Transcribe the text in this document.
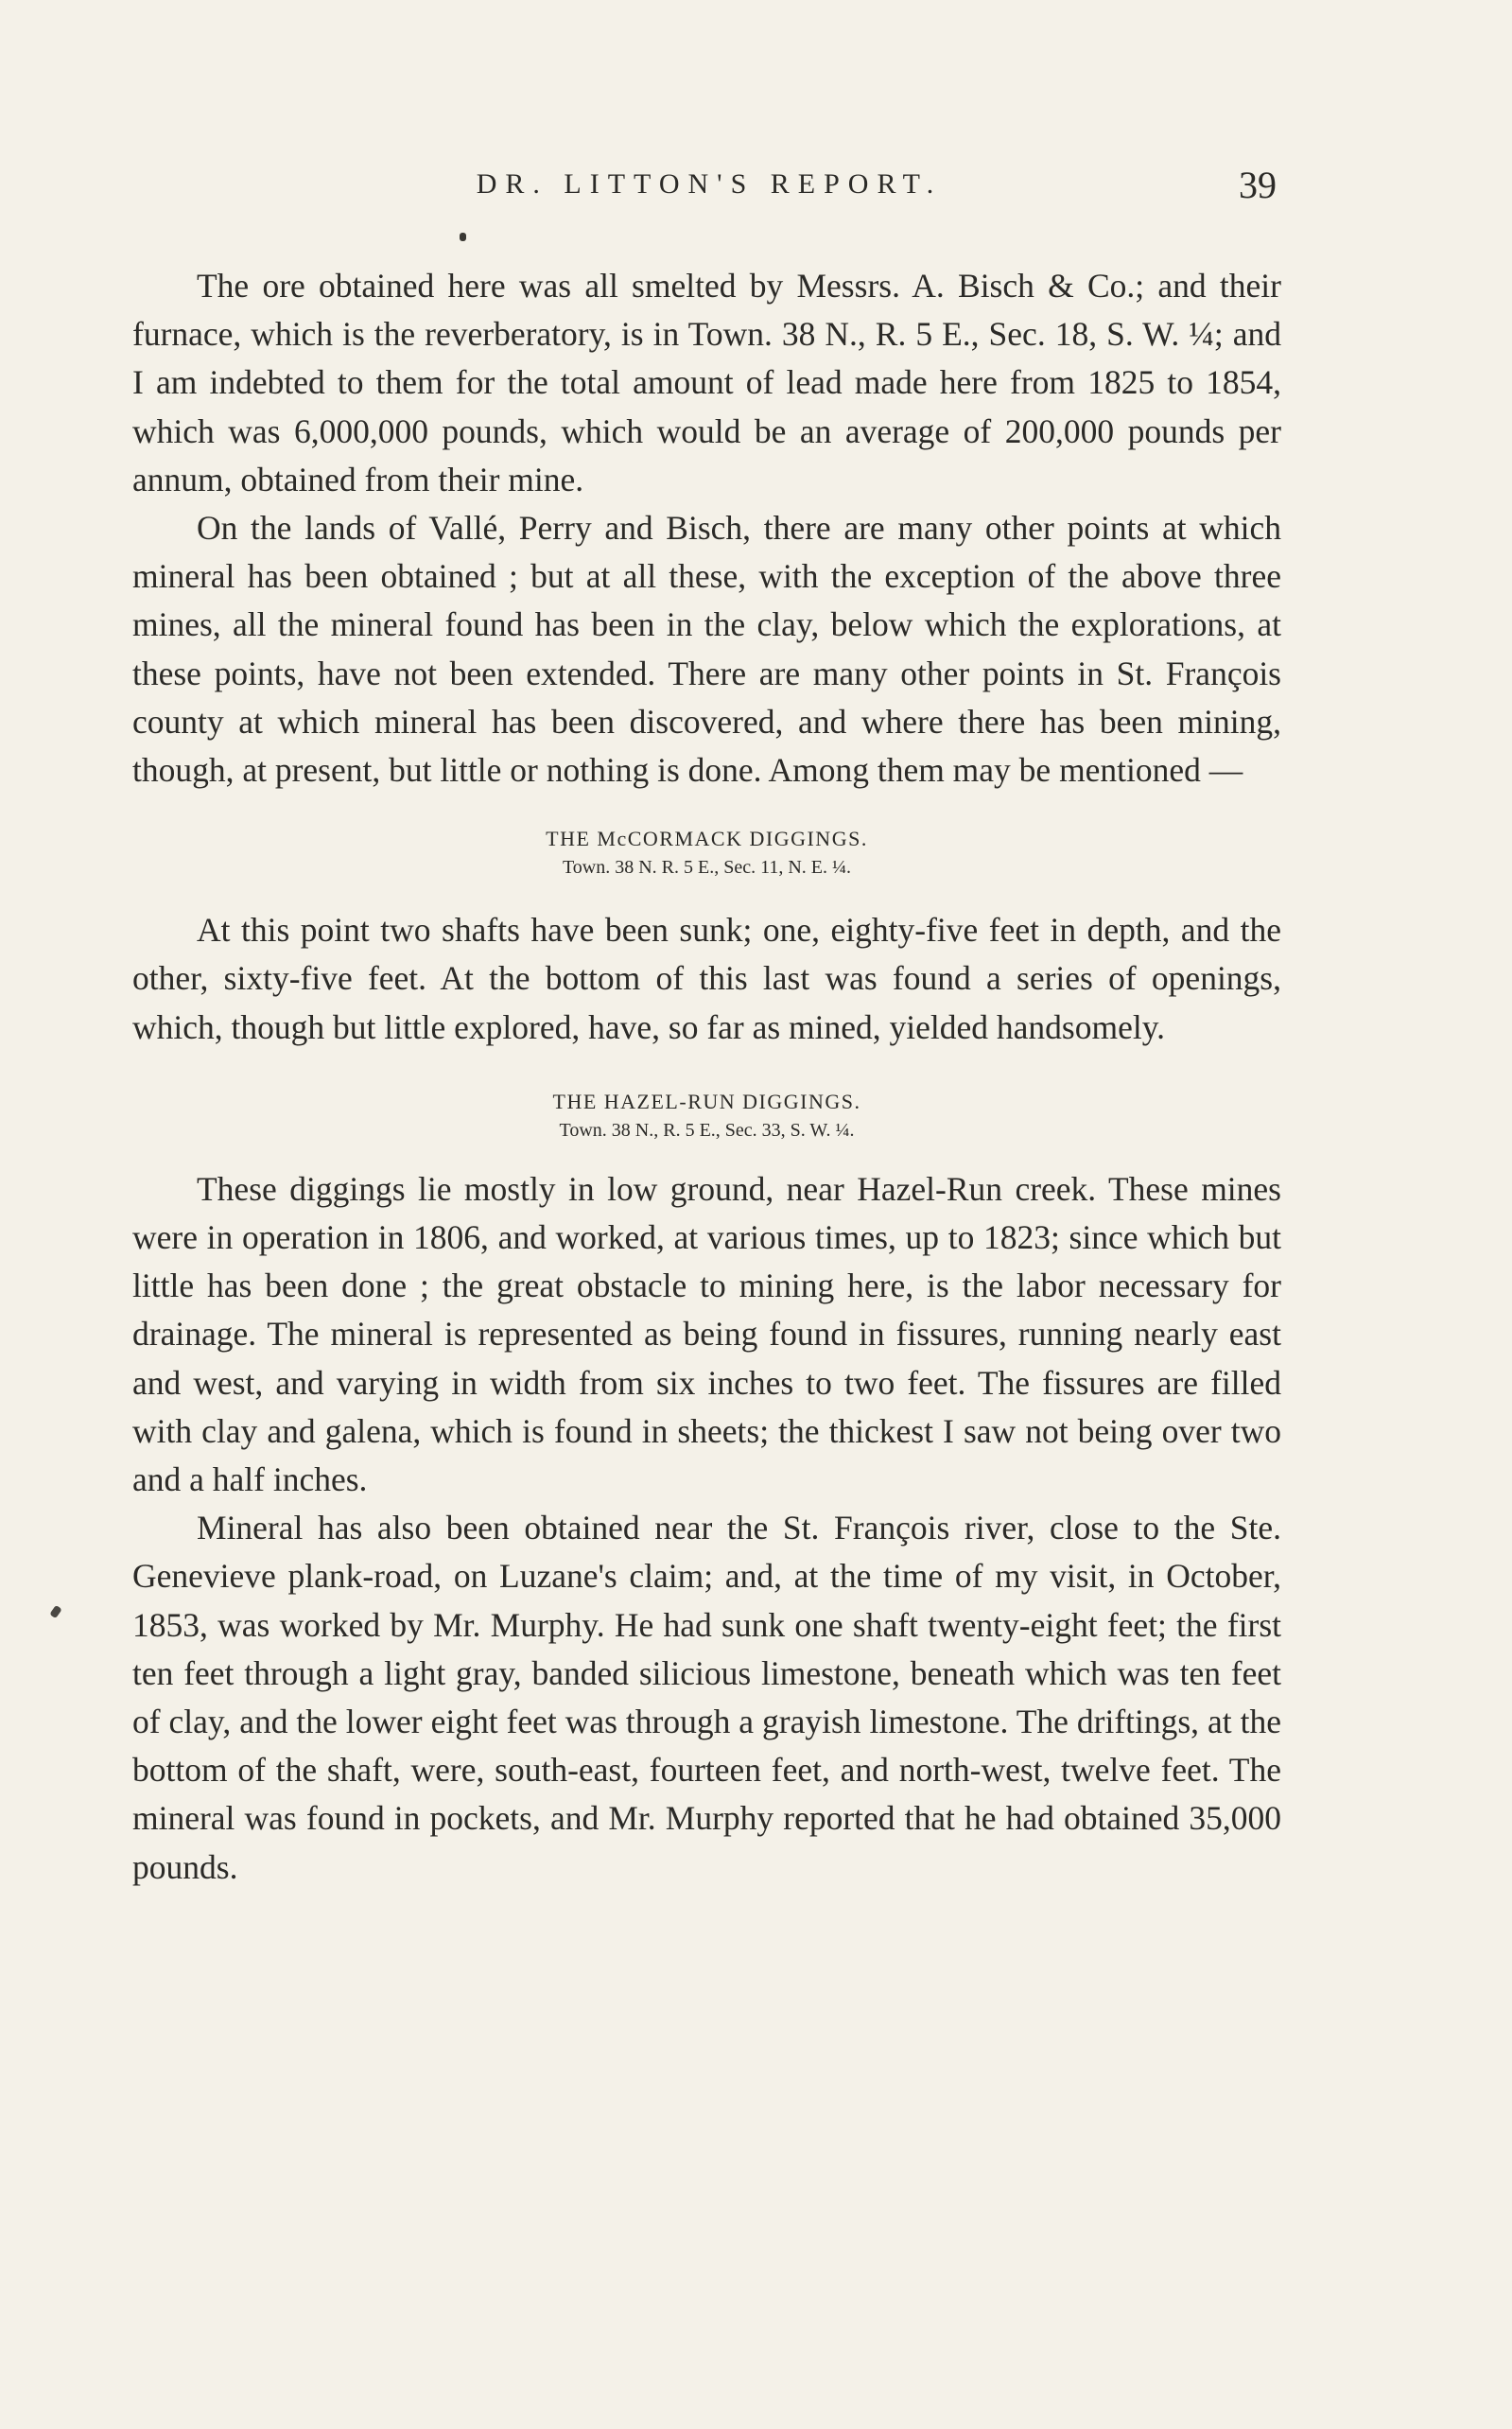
DR. LITTON'S REPORT.	39

The ore obtained here was all smelted by Messrs. A. Bisch & Co.; and their furnace, which is the reverberatory, is in Town. 38 N., R. 5 E., Sec. 18, S. W. ¼; and I am indebted to them for the total amount of lead made here from 1825 to 1854, which was 6,000,000 pounds, which would be an average of 200,000 pounds per annum, obtained from their mine.

On the lands of Vallé, Perry and Bisch, there are many other points at which mineral has been obtained ; but at all these, with the exception of the above three mines, all the mineral found has been in the clay, below which the explorations, at these points, have not been extended. There are many other points in St. François county at which mineral has been discovered, and where there has been mining, though, at present, but little or nothing is done. Among them may be mentioned —

THE McCORMACK DIGGINGS.
Town. 38 N. R. 5 E., Sec. 11, N. E. ¼.

At this point two shafts have been sunk; one, eighty-five feet in depth, and the other, sixty-five feet. At the bottom of this last was found a series of openings, which, though but little explored, have, so far as mined, yielded handsomely.

THE HAZEL-RUN DIGGINGS.
Town. 38 N., R. 5 E., Sec. 33, S. W. ¼.

These diggings lie mostly in low ground, near Hazel-Run creek. These mines were in operation in 1806, and worked, at various times, up to 1823; since which but little has been done ; the great obstacle to mining here, is the labor necessary for drainage. The mineral is represented as being found in fissures, running nearly east and west, and varying in width from six inches to two feet. The fissures are filled with clay and galena, which is found in sheets; the thickest I saw not being over two and a half inches.

Mineral has also been obtained near the St. François river, close to the Ste. Genevieve plank-road, on Luzane's claim; and, at the time of my visit, in October, 1853, was worked by Mr. Murphy. He had sunk one shaft twenty-eight feet; the first ten feet through a light gray, banded silicious limestone, beneath which was ten feet of clay, and the lower eight feet was through a grayish limestone. The driftings, at the bottom of the shaft, were, south-east, fourteen feet, and north-west, twelve feet. The mineral was found in pockets, and Mr. Murphy reported that he had obtained 35,000 pounds.
